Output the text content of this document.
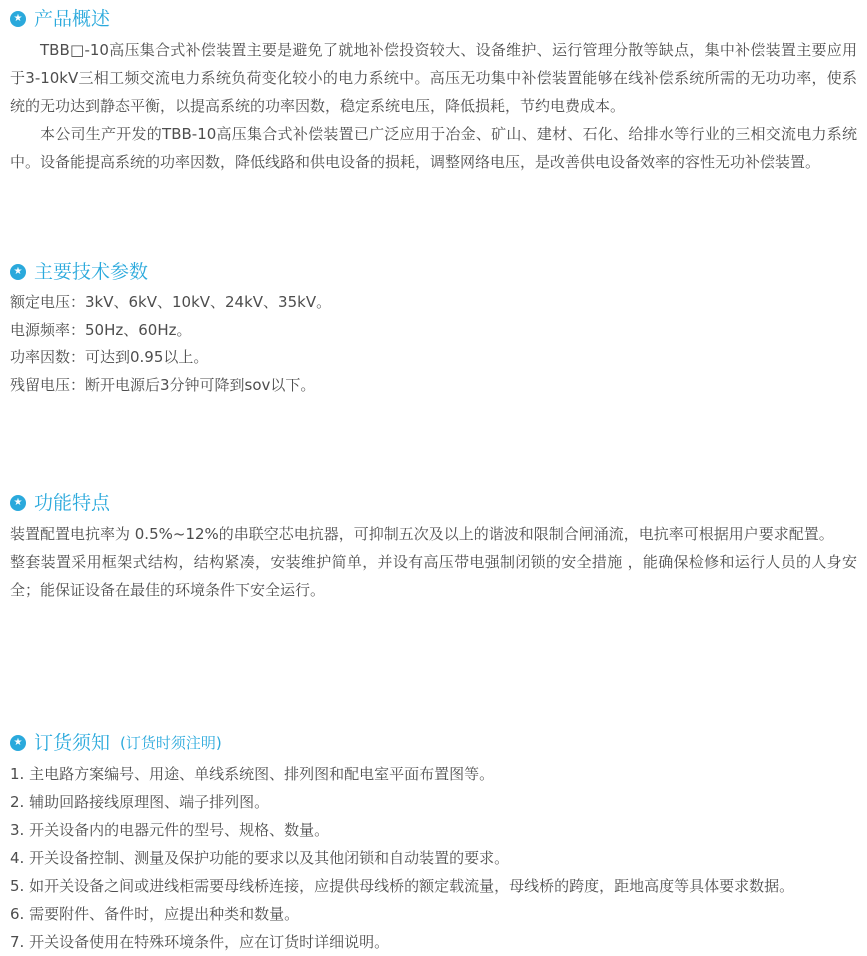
★ 产品概述

TBB□-10高压集合式补偿装置主要是避免了就地补偿投资较大、设备维护、运行管理分散等缺点，集中补偿装置主要应用于3-10kV三相工频交流电力系统负荷变化较小的电力系统中。高压无功集中补偿装置能够在线补偿系统所需的无功功率，使系统的无功达到静态平衡，以提高系统的功率因数，稳定系统电压，降低损耗，节约电费成本。

本公司生产开发的TBB-10高压集合式补偿装置已广泛应用于冶金、矿山、建材、石化、给排水等行业的三相交流电力系统中。设备能提高系统的功率因数，降低线路和供电设备的损耗，调整网络电压，是改善供电设备效率的容性无功补偿装置。

★ 主要技术参数

额定电压：3kV、6kV、10kV、24kV、35kV。

电源频率：50Hz、60Hz。

功率因数：可达到0.95以上。

残留电压：断开电源后3分钟可降到sov以下。

★ 功能特点

装置配置电抗率为 0.5%~12%的串联空芯电抗器，可抑制五次及以上的谐波和限制合闸涌流，电抗率可根据用户要求配置。

整套装置采用框架式结构，结构紧凑，安装维护简单，并设有高压带电强制闭锁的安全措施 ，能确保检修和运行人员的人身安全；能保证设备在最佳的环境条件下安全运行。

★ 订货须知 (订货时须注明)

1. 主电路方案编号、用途、单线系统图、排列图和配电室平面布置图等。

2. 辅助回路接线原理图、端子排列图。

3. 开关设备内的电器元件的型号、规格、数量。

4. 开关设备控制、测量及保护功能的要求以及其他闭锁和自动装置的要求。

5. 如开关设备之间或进线柜需要母线桥连接，应提供母线桥的额定载流量，母线桥的跨度，距地高度等具体要求数据。

6. 需要附件、备件时，应提出种类和数量。

7. 开关设备使用在特殊环境条件，应在订货时详细说明。
